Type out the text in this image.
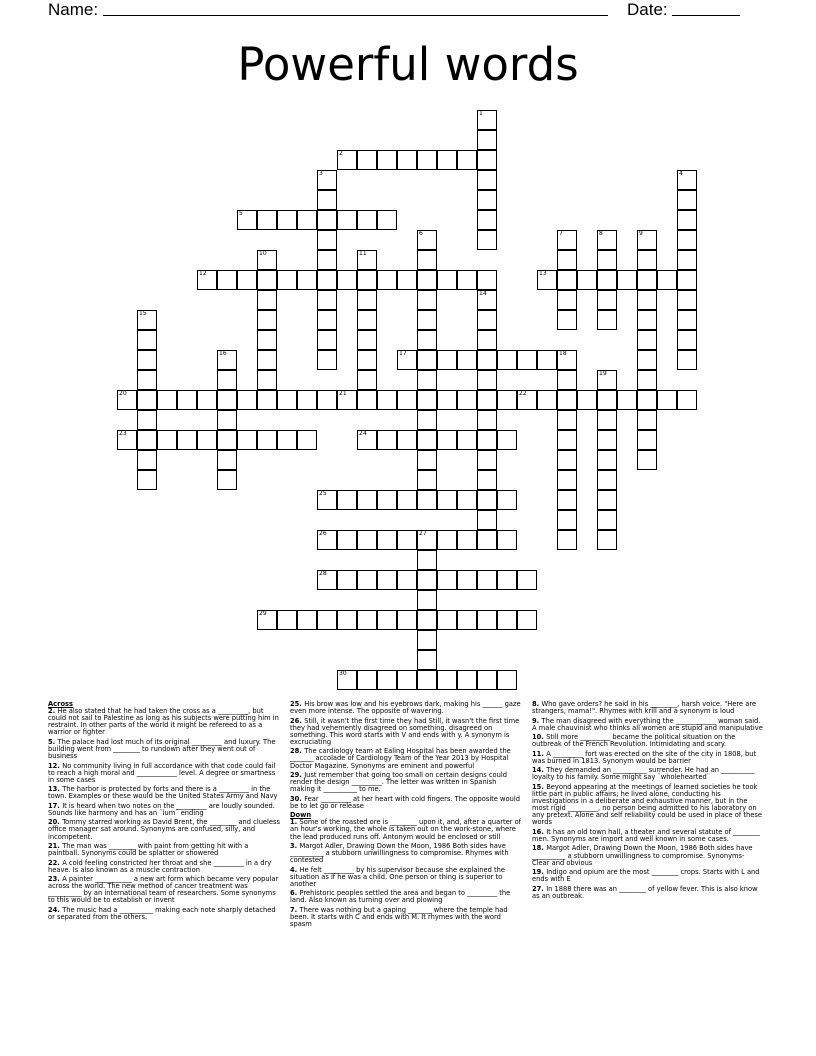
Name:	Date:
Powerful words
1
2
3	4
5
6	7	8	9
10	11
12	13
14
15
16	17	18
19
20	21	22
23	24
25
26	27
28
29
30
Across
2. He also stated that he had taken the cross as a _________, but could not sail to Palestine as long as his subjects were putting him in restraint. In other parts of the world it might be refereed to as a warrior or fighter
5. The palace had lost much of its original _________ and luxury. The building went from ________ to rundown after they went out of business
12. No community living in full accordance with that code could fail to reach a high moral and ____________ level. A degree or smartness in some cases
13. The harbor is protected by forts and there is a _________ in the town. Examples or these would be the United States Army and Navy
17. It is heard when two notes on the _________ are loudly sounded. Sounds like harmony and has an ¨ium¨ ending
20. Tommy starred working as David Brent, the ________ and clueless office manager sat around. Synonyms are confused, silly, and incompetent.
21. The man was ________ with paint from getting hit with a paintball. Synonyms could be splatter or showered
22. A cold feeling constricted her throat and she _________ in a dry heave. Is also known as a muscle contraction
23. A painter ___________ a new art form which became very popular across the world. The new method of cancer treatment was __________ by an international team of researchers. Some synonyms to this would be to establish or invent
24. The music had a __________ making each note sharply detached or separated from the others.
25. His brow was low and his eyebrows dark, making his ______ gaze even more intense. The opposite of wavering.
26. Still, it wasn't the first time they had Still, it wasn't the first time they had vehemently disagreed on something. disagreed on something. This word starts with V and ends with y. A synonym is excruciating
28. The cardiology team at Ealing Hospital has been awarded the _______ accolade of Cardiology Team of the Year 2013 by Hospital Doctor Magazine. Synonyms are eminent and powerful
29. Just remember that going too small on certain designs could render the design _________. The letter was written in Spanish making it __________ to me.
30. Fear _________ at her heart with cold fingers. The opposite would be to let go or release
Down
1. Some of the roasted ore is ________ upon it, and, after a quarter of an hour's working, the whole is taken out on the work-stone, where the lead produced runs off. Antonym would be enclosed or still
3. Margot Adler, Drawing Down the Moon, 1986 Both sides have __________ a stubborn unwillingness to compromise. Rhymes with contested
4. He felt _________ by his supervisor because she explained the situation as if he was a child. One person or thing is superior to another
6. Prehistoric peoples settled the area and began to _________ the land. Also known as turning over and plowing
7. There was nothing but a gaping _______ where the temple had been. It starts with C and ends with M. It rhymes with the word spasm
8. Who gave orders? he said in his ________, harsh voice. "Here are strangers, mama!". Rhymes with krill and a synonym is loud
9. The man disagreed with everything the ____________ woman said. A male chauvinist who thinks all women are stupid and manipulative
10. Still more _________ became the political situation on the outbreak of the French Revolution. Intimidating and scary.
11. A _________ fort was erected on the site of the city in 1808, but was burned in 1813. Synonym would be barrier
14. They demanded an __________ surrender. He had an __________ loyalty to his family. Some might say ¨wholehearted¨
15. Beyond appearing at the meetings of learned societies he took little part in public affairs; he lived alone, conducting his investigations in a deliberate and exhaustive manner, but in the most rigid _________, no person being admitted to his laboratory on any pretext. Alone and self reliability could be used in place of these words
16. It has an old town hall, a theater and several statute of ________ men. Synonyms are import and well known in some cases.
18. Margot Adler, Drawing Down the Moon, 1986 Both sides have __________ a stubborn unwillingness to compromise. Synonyms- Clear and obvious
19. Indigo and opium are the most ________ crops. Starts with L and ends with E
27. In 1888 there was an ________ of yellow fever. This is also know as an outbreak.
